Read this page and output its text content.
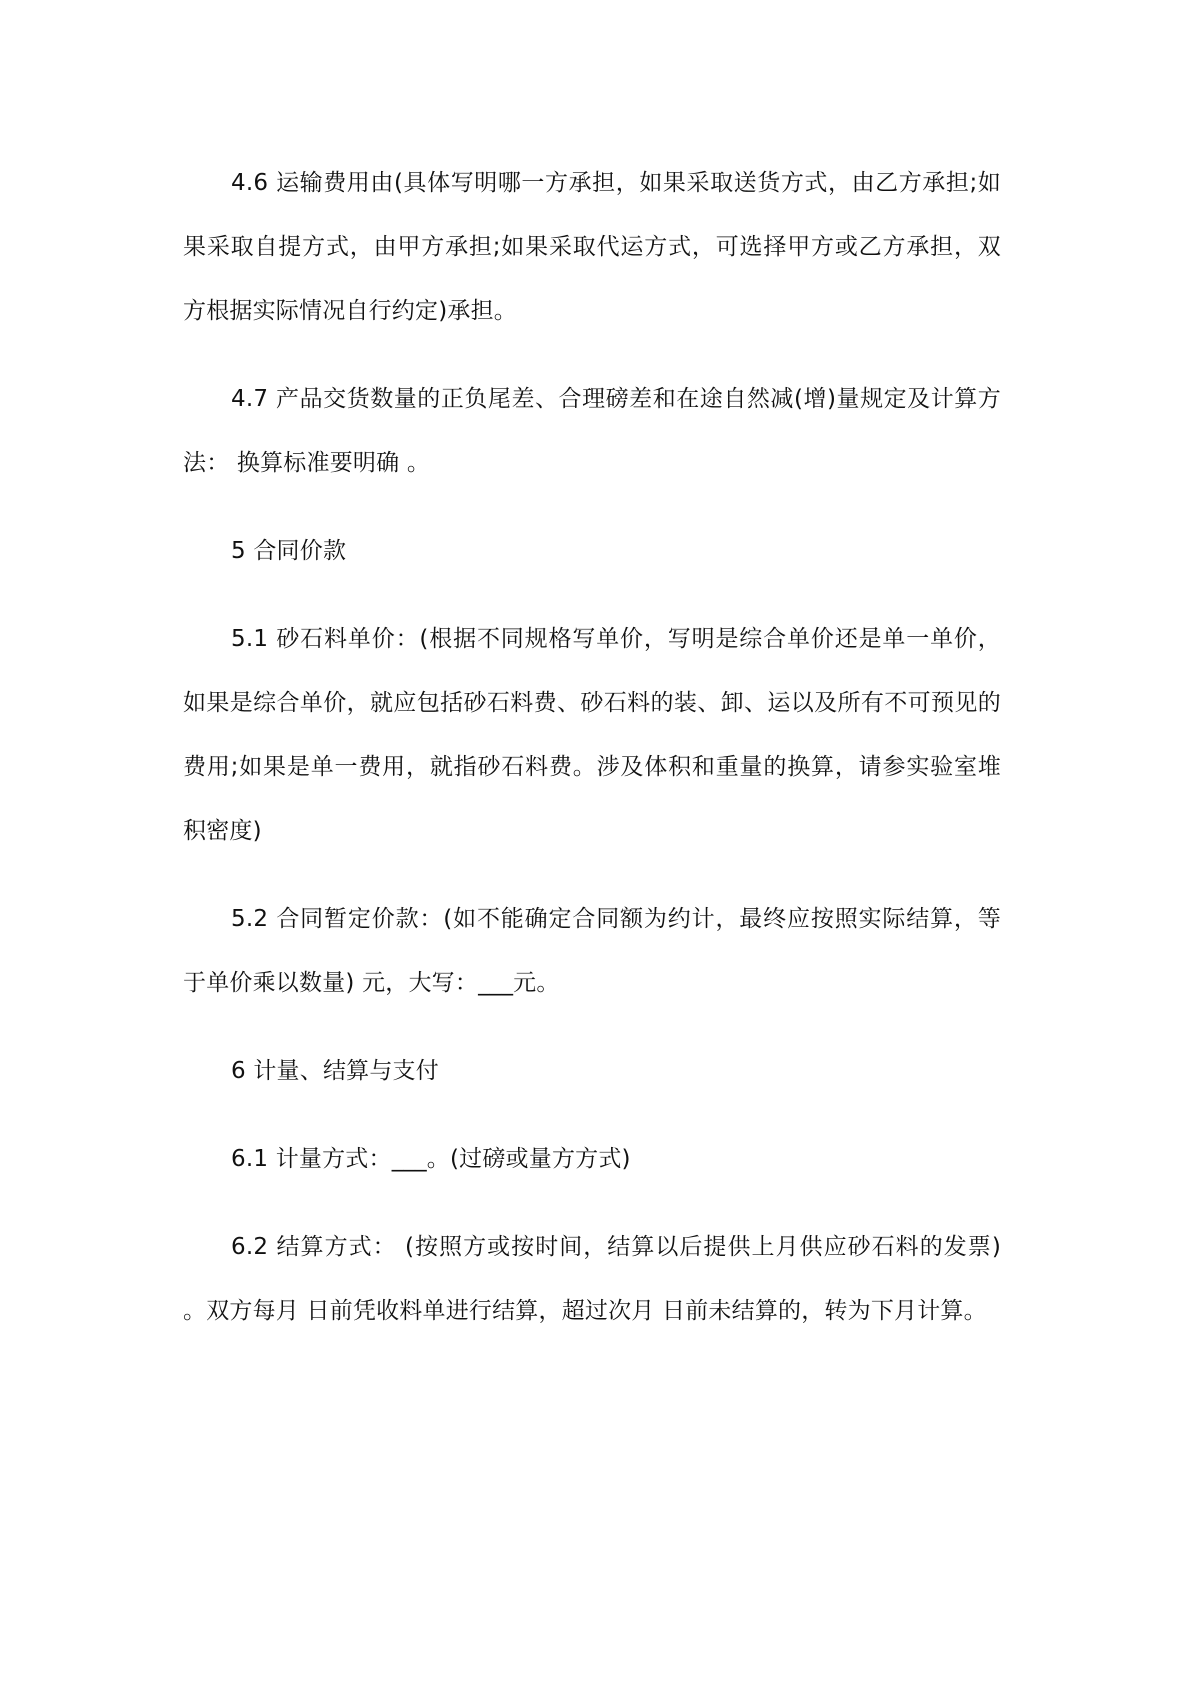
4.6 运输费用由(具体写明哪一方承担，如果采取送货方式，由乙方承担;如果采取自提方式，由甲方承担;如果采取代运方式，可选择甲方或乙方承担，双方根据实际情况自行约定)承担。

4.7 产品交货数量的正负尾差、合理磅差和在途自然减(增)量规定及计算方法： 换算标准要明确 。

5 合同价款

5.1 砂石料单价：(根据不同规格写单价，写明是综合单价还是单一单价，如果是综合单价，就应包括砂石料费、砂石料的装、卸、运以及所有不可预见的费用;如果是单一费用，就指砂石料费。涉及体积和重量的换算，请参实验室堆积密度)

5.2 合同暂定价款：(如不能确定合同额为约计，最终应按照实际结算，等于单价乘以数量) 元，大写：___元。

6 计量、结算与支付

6.1 计量方式：___。(过磅或量方方式)

6.2 结算方式： (按照方或按时间，结算以后提供上月供应砂石料的发票) 。双方每月 日前凭收料单进行结算，超过次月 日前未结算的，转为下月计算。
